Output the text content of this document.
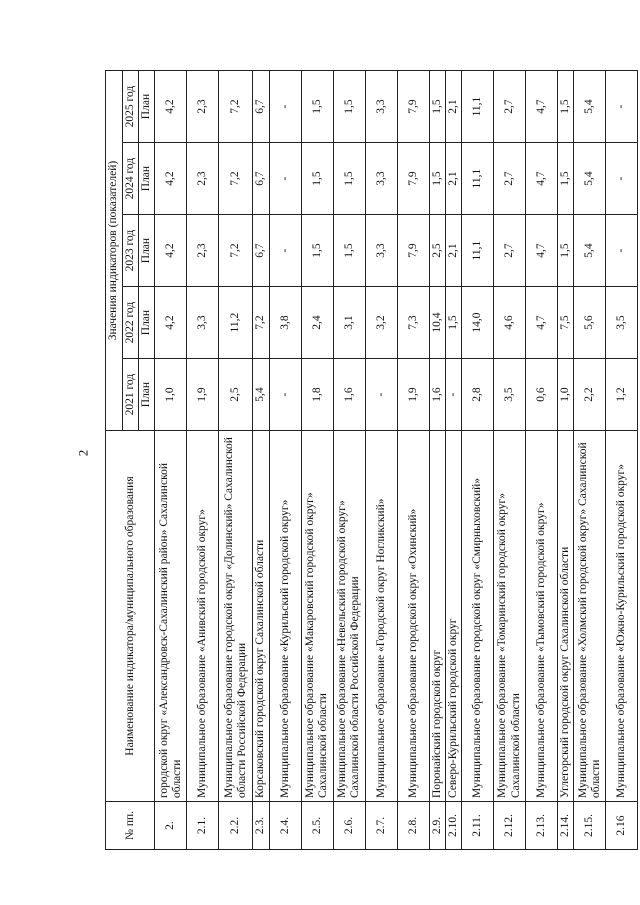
2
№ пп.	Наименование индикатора/муниципального образования	Значения индикаторов (показателей)				
		2021 год	2022 год	2023 год	2024 год	2025 год
		План	План	План	План	План
2.	городской округ «Александровск-Сахалинский район» Сахалинской области	1,0	4,2	4,2	4,2	4,2
2.1.	Муниципальное образование «Анивский городской округ»	1,9	3,3	2,3	2,3	2,3
2.2.	Муниципальное образование городской округ «Долинский» Сахалинской области Российской Федерации	2,5	11,2	7,2	7,2	7,2
2.3.	Корсаковский городской округ Сахалинской области	5,4	7,2	6,7	6,7	6,7
2.4.	Муниципальное образование «Курильский городской округ»	-	3,8	-	-	-
2.5.	Муниципальное образование «Макаровский городской округ» Сахалинской области	1,8	2,4	1,5	1,5	1,5
2.6.	Муниципальное образование «Невельский городской округ» Сахалинской области Российской Федерации	1,6	3,1	1,5	1,5	1,5
2.7.	Муниципальное образование «Городской округ Ногликский»	-	3,2	3,3	3,3	3,3
2.8.	Муниципальное образование городской округ «Охинский»	1,9	7,3	7,9	7,9	7,9
2.9.	Поронайский городской округ	1,6	10,4	2,5	1,5	1,5
2.10.	Северо-Курильский городской округ	-	1,5	2,1	2,1	2,1
2.11.	Муниципальное образование городской округ «Смирныховский»	2,8	14,0	11,1	11,1	11,1
2.12.	Муниципальное образование «Томаринский городской округ» Сахалинской области	3,5	4,6	2,7	2,7	2,7
2.13.	Муниципальное образование «Тымовский городской округ»	0,6	4,7	4,7	4,7	4,7
2.14.	Углегорский городской округ Сахалинской области	1,0	7,5	1,5	1,5	1,5
2.15.	Муниципальное образование «Холмский городской округ» Сахалинской области	2,2	5,6	5,4	5,4	5,4
2.16	Муниципальное образование «Южно-Курильский городской округ»	1,2	3,5	-	-	-
